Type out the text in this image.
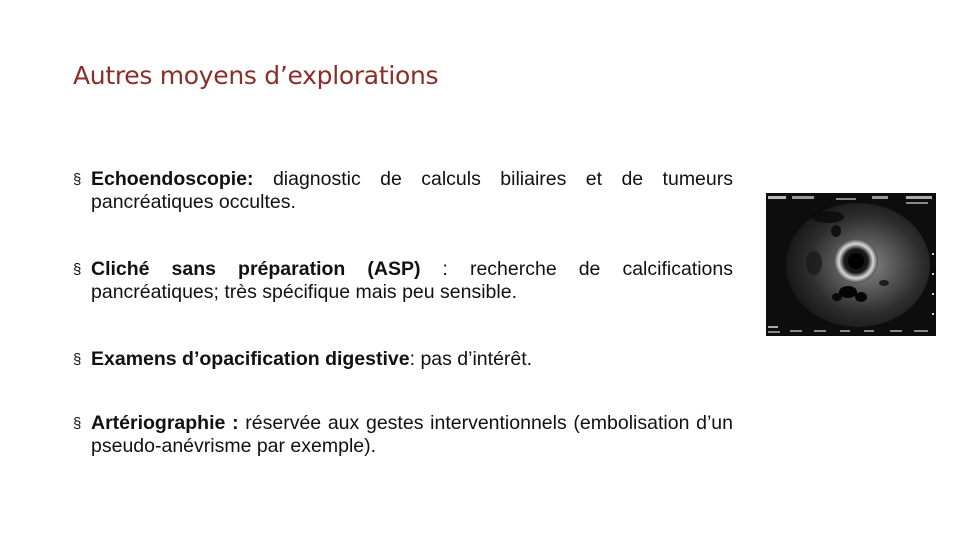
Autres moyens d’explorations
§ Echoendoscopie: diagnostic de calculs biliaires et de tumeurs pancréatiques occultes.
§ Cliché sans préparation (ASP) : recherche de calcifications pancréatiques; très spécifique mais peu sensible.
§ Examens d’opacification digestive: pas d’intérêt.
§ Artériographie : réservée aux gestes interventionnels (embolisation d’un pseudo-anévrisme par exemple).
